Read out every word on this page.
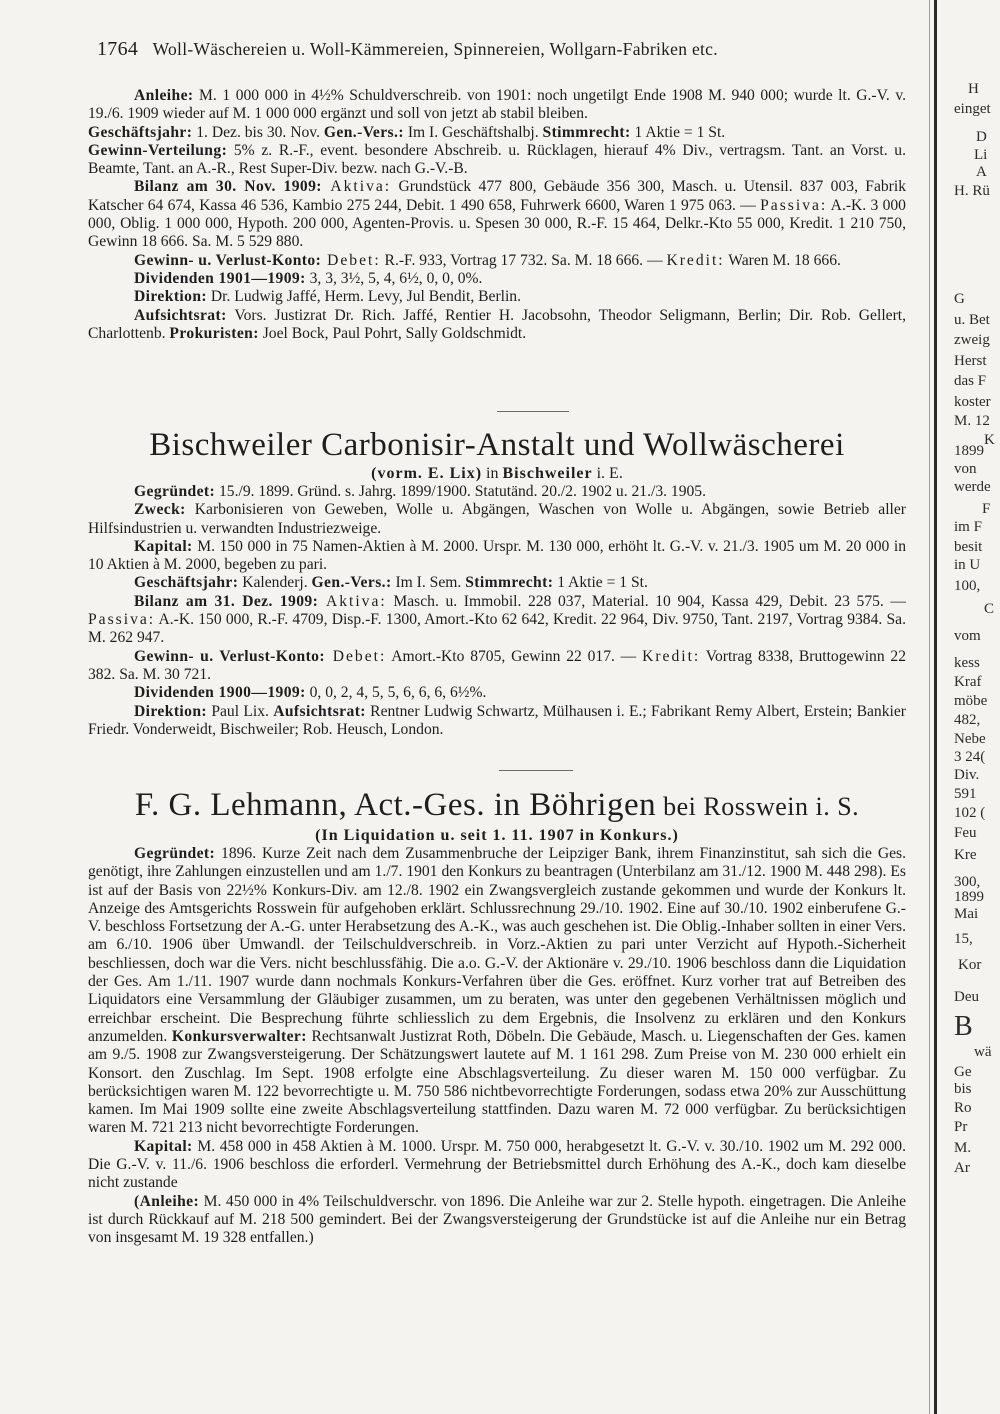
1764 Woll-Wäschereien u. Woll-Kämmereien, Spinnereien, Wollgarn-Fabriken etc.

Anleihe: M. 1 000 000 in 4½% Schuldverschreib. von 1901: noch ungetilgt Ende 1908 M. 940 000; wurde lt. G.-V. v. 19./6. 1909 wieder auf M. 1 000 000 ergänzt und soll von jetzt ab stabil bleiben.

Geschäftsjahr: 1. Dez. bis 30. Nov. Gen.-Vers.: Im I. Geschäftshalbj. Stimmrecht: 1 Aktie = 1 St.

Gewinn-Verteilung: 5% z. R.-F., event. besondere Abschreib. u. Rücklagen, hierauf 4% Div., vertragsm. Tant. an Vorst. u. Beamte, Tant. an A.-R., Rest Super-Div. bezw. nach G.-V.-B.

Bilanz am 30. Nov. 1909: Aktiva: Grundstück 477 800, Gebäude 356 300, Masch. u. Utensil. 837 003, Fabrik Katscher 64 674, Kassa 46 536, Kambio 275 244, Debit. 1 490 658, Fuhrwerk 6600, Waren 1 975 063. — Passiva: A.-K. 3 000 000, Oblig. 1 000 000, Hypoth. 200 000, Agenten-Provis. u. Spesen 30 000, R.-F. 15 464, Delkr.-Kto 55 000, Kredit. 1 210 750, Gewinn 18 666. Sa. M. 5 529 880.

Gewinn- u. Verlust-Konto: Debet: R.-F. 933, Vortrag 17 732. Sa. M. 18 666. — Kredit: Waren M. 18 666.

Dividenden 1901—1909: 3, 3, 3½, 5, 4, 6½, 0, 0, 0%.

Direktion: Dr. Ludwig Jaffé, Herm. Levy, Jul Bendit, Berlin.

Aufsichtsrat: Vors. Justizrat Dr. Rich. Jaffé, Rentier H. Jacobsohn, Theodor Seligmann, Berlin; Dir. Rob. Gellert, Charlottenb. Prokuristen: Joel Bock, Paul Pohrt, Sally Goldschmidt.

Bischweiler Carbonisir-Anstalt und Wollwäscherei
(vorm. E. Lix) in Bischweiler i. E.

Gegründet: 15./9. 1899. Gründ. s. Jahrg. 1899/1900. Statutänd. 20./2. 1902 u. 21./3. 1905.

Zweck: Karbonisieren von Geweben, Wolle u. Abgängen, Waschen von Wolle u. Abgängen, sowie Betrieb aller Hilfsindustrien u. verwandten Industriezweige.

Kapital: M. 150 000 in 75 Namen-Aktien à M. 2000. Urspr. M. 130 000, erhöht lt. G.-V. v. 21./3. 1905 um M. 20 000 in 10 Aktien à M. 2000, begeben zu pari.

Geschäftsjahr: Kalenderj. Gen.-Vers.: Im I. Sem. Stimmrecht: 1 Aktie = 1 St.

Bilanz am 31. Dez. 1909: Aktiva: Masch. u. Immobil. 228 037, Material. 10 904, Kassa 429, Debit. 23 575. — Passiva: A.-K. 150 000, R.-F. 4709, Disp.-F. 1300, Amort.-Kto 62 642, Kredit. 22 964, Div. 9750, Tant. 2197, Vortrag 9384. Sa. M. 262 947.

Gewinn- u. Verlust-Konto: Debet: Amort.-Kto 8705, Gewinn 22 017. — Kredit: Vortrag 8338, Bruttogewinn 22 382. Sa. M. 30 721.

Dividenden 1900—1909: 0, 0, 2, 4, 5, 5, 6, 6, 6, 6½%.

Direktion: Paul Lix. Aufsichtsrat: Rentner Ludwig Schwartz, Mülhausen i. E.; Fabrikant Remy Albert, Erstein; Bankier Friedr. Vonderweidt, Bischweiler; Rob. Heusch, London.

F. G. Lehmann, Act.-Ges. in Böhrigen bei Rosswein i. S.
(In Liquidation u. seit 1. 11. 1907 in Konkurs.)

Gegründet: 1896. Kurze Zeit nach dem Zusammenbruche der Leipziger Bank, ihrem Finanzinstitut, sah sich die Ges. genötigt, ihre Zahlungen einzustellen und am 1./7. 1901 den Konkurs zu beantragen (Unterbilanz am 31./12. 1900 M. 448 298). Es ist auf der Basis von 22½% Konkurs-Div. am 12./8. 1902 ein Zwangsvergleich zustande gekommen und wurde der Konkurs lt. Anzeige des Amtsgerichts Rosswein für aufgehoben erklärt. Schlussrechnung 29./10. 1902. Eine auf 30./10. 1902 einberufene G.-V. beschloss Fortsetzung der A.-G. unter Herabsetzung des A.-K., was auch geschehen ist. Die Oblig.-Inhaber sollten in einer Vers. am 6./10. 1906 über Umwandl. der Teilschuldverschreib. in Vorz.-Aktien zu pari unter Verzicht auf Hypoth.-Sicherheit beschliessen, doch war die Vers. nicht beschlussfähig. Die a.o. G.-V. der Aktionäre v. 29./10. 1906 beschloss dann die Liquidation der Ges. Am 1./11. 1907 wurde dann nochmals Konkurs-Verfahren über die Ges. eröffnet. Kurz vorher trat auf Betreiben des Liquidators eine Versammlung der Gläubiger zusammen, um zu beraten, was unter den gegebenen Verhältnissen möglich und erreichbar erscheint. Die Besprechung führte schliesslich zu dem Ergebnis, die Insolvenz zu erklären und den Konkurs anzumelden. Konkursverwalter: Rechtsanwalt Justizrat Roth, Döbeln. Die Gebäude, Masch. u. Liegenschaften der Ges. kamen am 9./5. 1908 zur Zwangsversteigerung. Der Schätzungswert lautete auf M. 1 161 298. Zum Preise von M. 230 000 erhielt ein Konsort. den Zuschlag. Im Sept. 1908 erfolgte eine Abschlagsverteilung. Zu dieser waren M. 150 000 verfügbar. Zu berücksichtigen waren M. 122 bevorrechtigte u. M. 750 586 nichtbevorrechtigte Forderungen, sodass etwa 20% zur Ausschüttung kamen. Im Mai 1909 sollte eine zweite Abschlagsverteilung stattfinden. Dazu waren M. 72 000 verfügbar. Zu berücksichtigen waren M. 721 213 nicht bevorrechtigte Forderungen.

Kapital: M. 458 000 in 458 Aktien à M. 1000. Urspr. M. 750 000, herabgesetzt lt. G.-V. v. 30./10. 1902 um M. 292 000. Die G.-V. v. 11./6. 1906 beschloss die erforderl. Vermehrung der Betriebsmittel durch Erhöhung des A.-K., doch kam dieselbe nicht zustande

(Anleihe: M. 450 000 in 4% Teilschuldverschr. von 1896. Die Anleihe war zur 2. Stelle hypoth. eingetragen. Die Anleihe ist durch Rückkauf auf M. 218 500 gemindert. Bei der Zwangsversteigerung der Grundstücke ist auf die Anleihe nur ein Betrag von insgesamt M. 19 328 entfallen.)

H
einget
D
Li
A
H. Rü
G
u. Bet
zweig
Herst
das F
koster
M. 12
K
1899
von
werde
F
im F
besit
in U
100,
C
vom
kess
Kraf
möbe
482,
Nebe
3 24(
Div.
591
102 (
Feu
Kre
300,
1899
Mai
15,
Kor
Deu
B
wä
Ge
bis
Ro
Pr
M.
Ar
